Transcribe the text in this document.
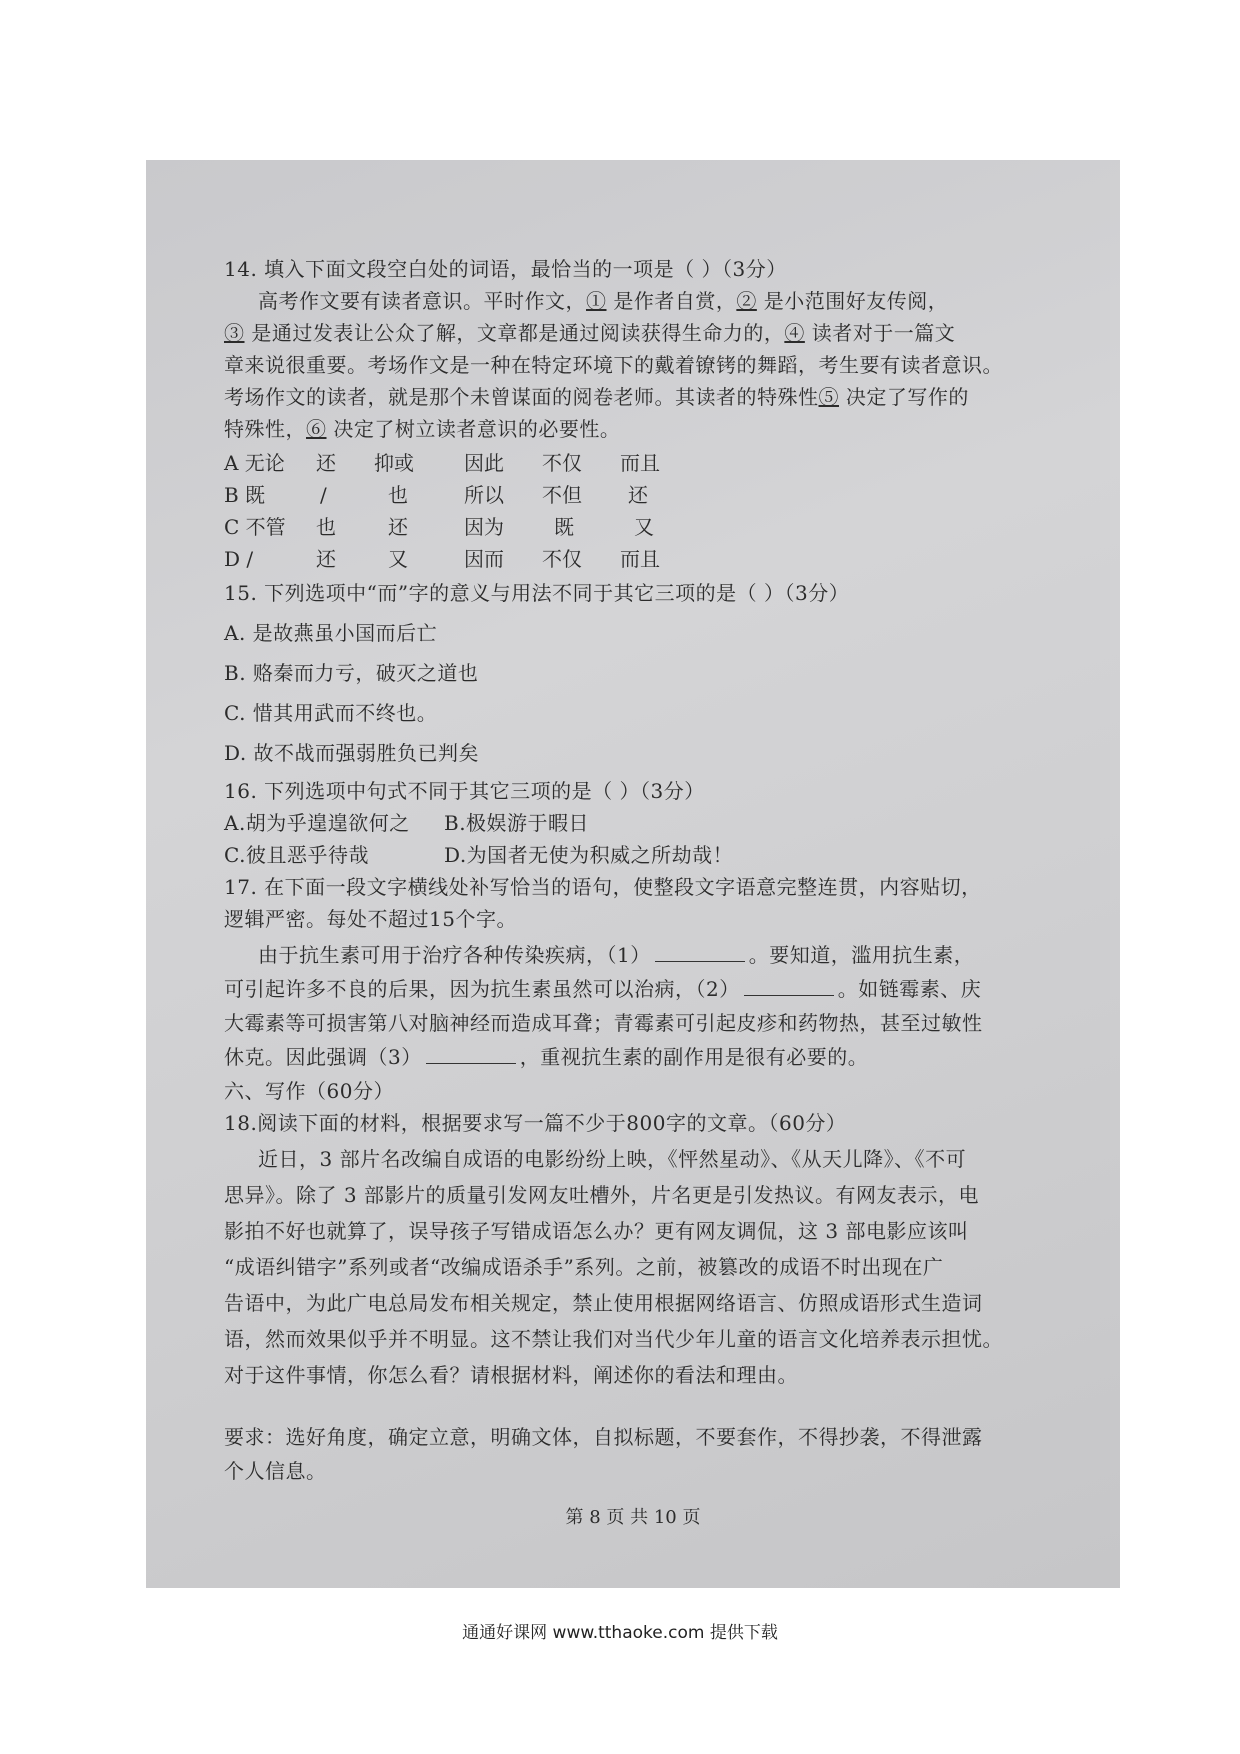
14. 填入下面文段空白处的词语，最恰当的一项是（ ）（3分）
高考作文要有读者意识。平时作文，① 是作者自赏，② 是小范围好友传阅，
③ 是通过发表让公众了解，文章都是通过阅读获得生命力的，④ 读者对于一篇文
章来说很重要。考场作文是一种在特定环境下的戴着镣铐的舞蹈，考生要有读者意识。
考场作文的读者，就是那个未曾谋面的阅卷老师。其读者的特殊性⑤ 决定了写作的
特殊性，⑥ 决定了树立读者意识的必要性。
A 无论 还 抑或	因此 不仅 而且
B 既	/	也	所以 不但 还
C 不管 也	还	因为	既	又
D /	还	又	因而 不仅 而且
15. 下列选项中“而”字的意义与用法不同于其它三项的是（ ）（3分）
A. 是故燕虽小国而后亡
B. 赂秦而力亏，破灭之道也
C. 惜其用武而不终也。
D. 故不战而强弱胜负已判矣
16. 下列选项中句式不同于其它三项的是（ ）（3分）
A.胡为乎遑遑欲何之 B.极娱游于暇日
C.彼且恶乎待哉	D.为国者无使为积威之所劫哉！
17. 在下面一段文字横线处补写恰当的语句，使整段文字语意完整连贯，内容贴切，
逻辑严密。每处不超过15个字。
由于抗生素可用于治疗各种传染疾病，（1）	。要知道，滥用抗生素，
可引起许多不良的后果，因为抗生素虽然可以治病，（2）	。如链霉素、庆
大霉素等可损害第八对脑神经而造成耳聋；青霉素可引起皮疹和药物热，甚至过敏性
休克。因此强调（3）	，重视抗生素的副作用是很有必要的。
六、写作（60分）
18.阅读下面的材料，根据要求写一篇不少于800字的文章。（60分）
近日，3 部片名改编自成语的电影纷纷上映，《怦然星动》、《从天儿降》、《不可
思异》。除了 3 部影片的质量引发网友吐槽外，片名更是引发热议。有网友表示，电
影拍不好也就算了，误导孩子写错成语怎么办？更有网友调侃，这 3 部电影应该叫
“成语纠错字”系列或者“改编成语杀手”系列。之前，被篡改的成语不时出现在广
告语中，为此广电总局发布相关规定，禁止使用根据网络语言、仿照成语形式生造词
语，然而效果似乎并不明显。这不禁让我们对当代少年儿童的语言文化培养表示担忧。
对于这件事情，你怎么看？请根据材料，阐述你的看法和理由。
要求：选好角度，确定立意，明确文体，自拟标题，不要套作，不得抄袭，不得泄露
个人信息。
第 8 页 共 10 页
通通好课网 www.tthaoke.com 提供下载
